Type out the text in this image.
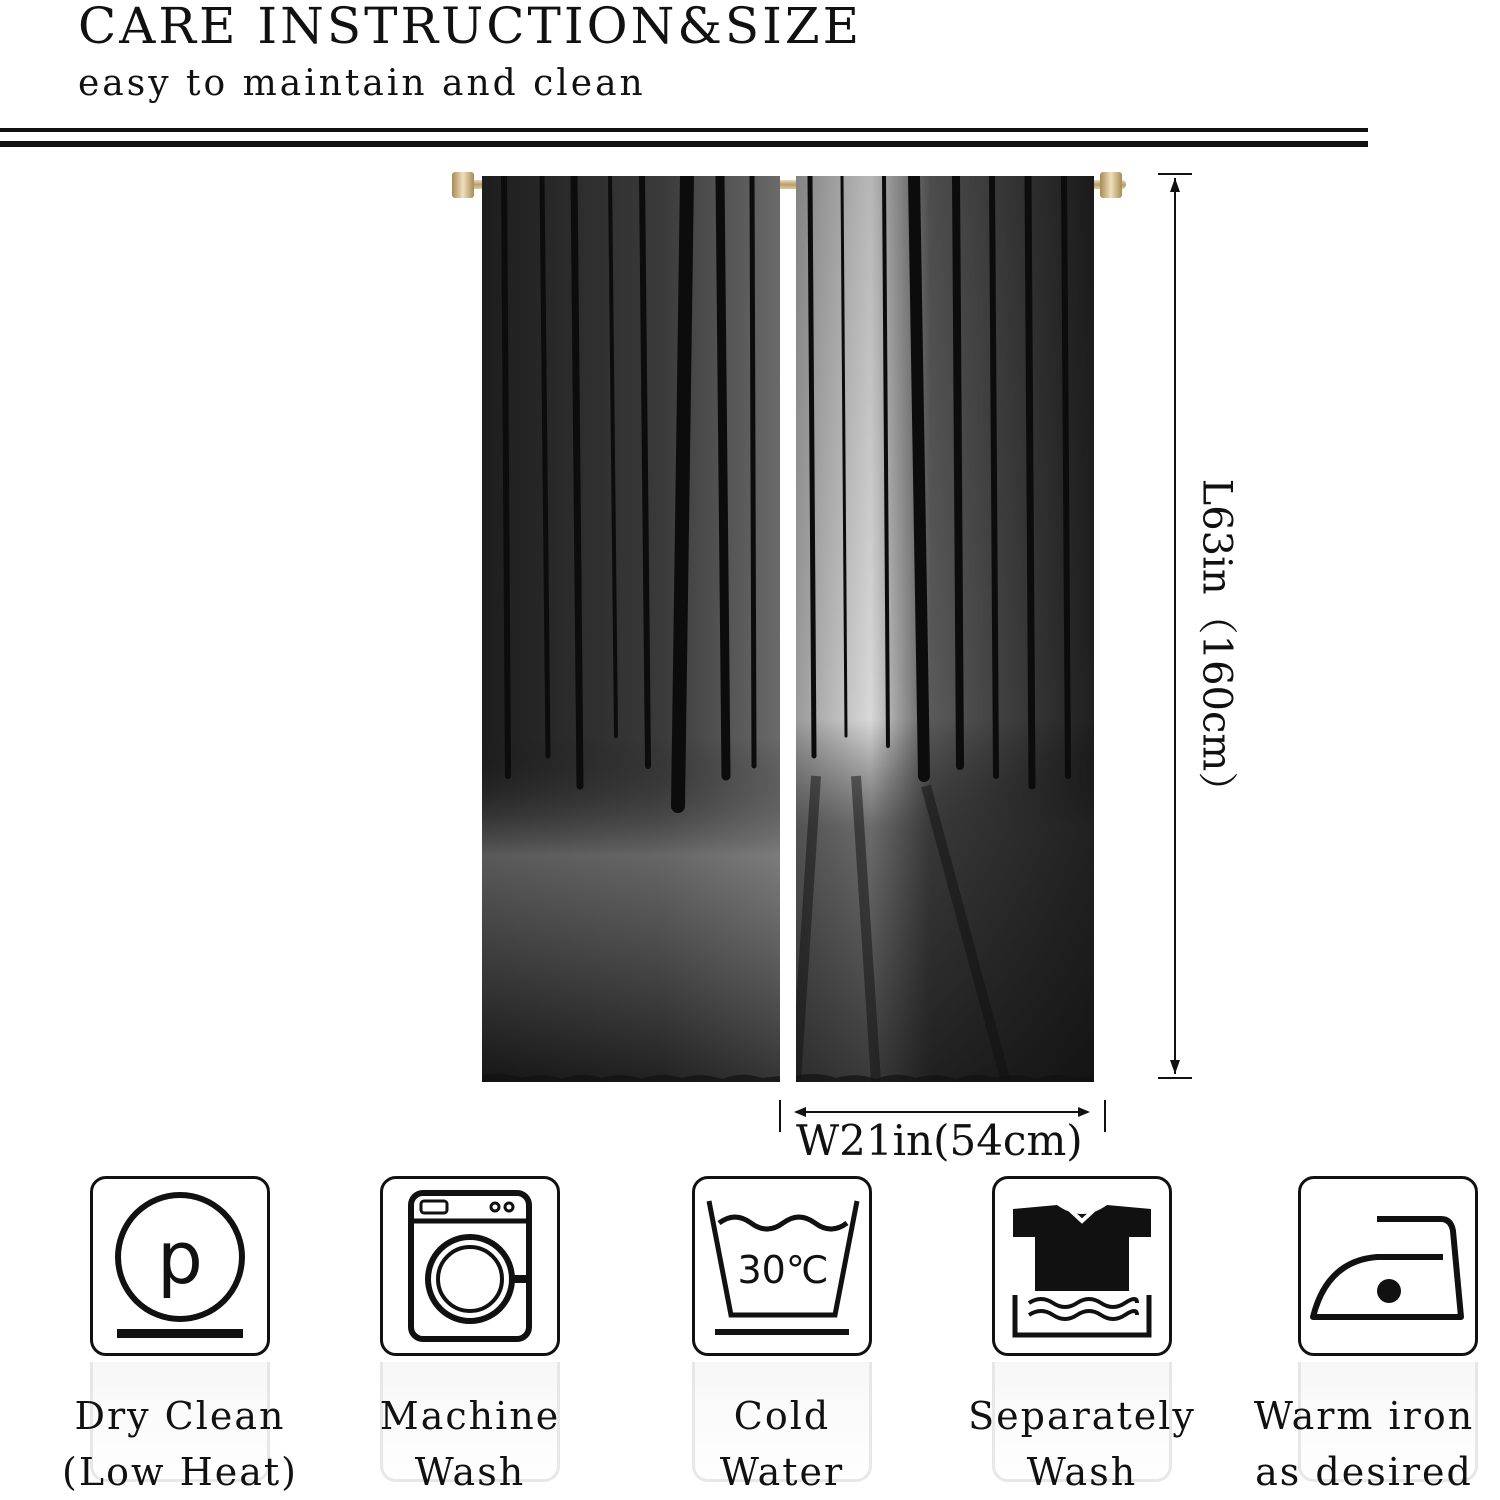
CARE INSTRUCTION&SIZE
easy to maintain and clean
L63in（160cm）
W21in(54cm)
p	30℃
Dry Clean
(Low Heat)
Machine
Wash
Cold
Water
Separately
Wash
Warm iron
as desired
